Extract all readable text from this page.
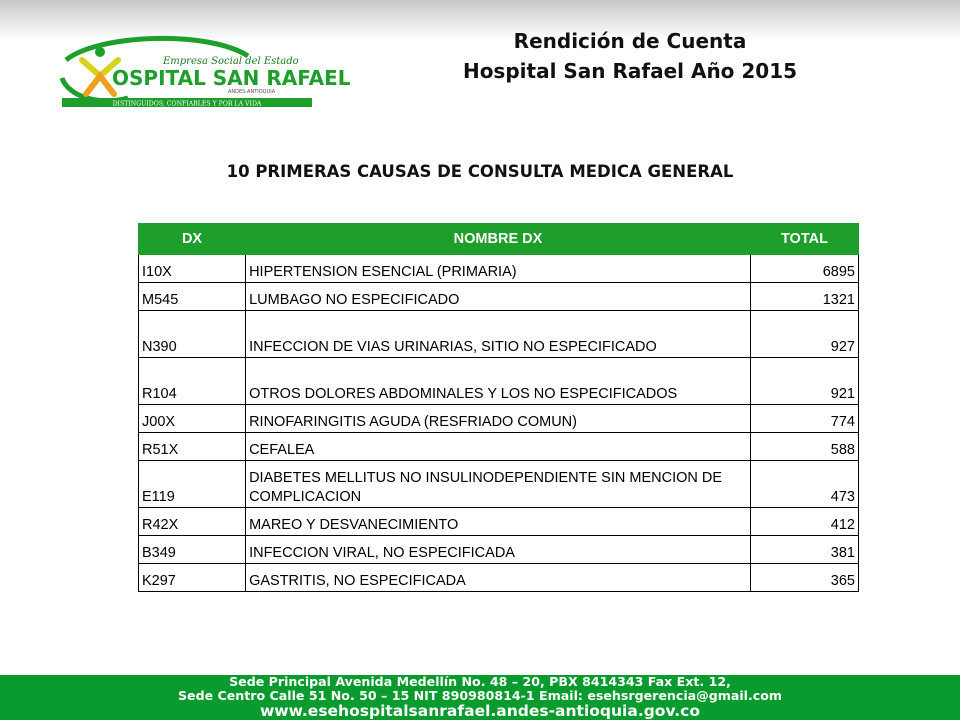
Empresa Social del Estado
OSPITAL SAN RAFAEL
ANDES-ANTIOQUIA
DISTINGUIDOS, CONFIABLES Y POR LA VIDA
Rendición de Cuenta
Hospital San Rafael Año 2015
10 PRIMERAS CAUSAS DE CONSULTA MEDICA GENERAL
DX	NOMBRE DX	TOTAL
I10X	HIPERTENSION ESENCIAL (PRIMARIA)	6895
M545	LUMBAGO NO ESPECIFICADO	1321
N390	INFECCION DE VIAS URINARIAS, SITIO NO ESPECIFICADO	927
R104	OTROS DOLORES ABDOMINALES Y LOS NO ESPECIFICADOS	921
J00X	RINOFARINGITIS AGUDA (RESFRIADO COMUN)	774
R51X	CEFALEA	588
E119	DIABETES MELLITUS NO INSULINODEPENDIENTE SIN MENCION DE COMPLICACION	473
R42X	MAREO Y DESVANECIMIENTO	412
B349	INFECCION VIRAL, NO ESPECIFICADA	381
K297	GASTRITIS, NO ESPECIFICADA	365
Sede Principal Avenida Medellín No. 48 – 20, PBX 8414343 Fax Ext. 12,
Sede Centro Calle 51 No. 50 – 15 NIT 890980814-1 Email: esehsrgerencia@gmail.com
www.esehospitalsanrafael.andes-antioquia.gov.co
